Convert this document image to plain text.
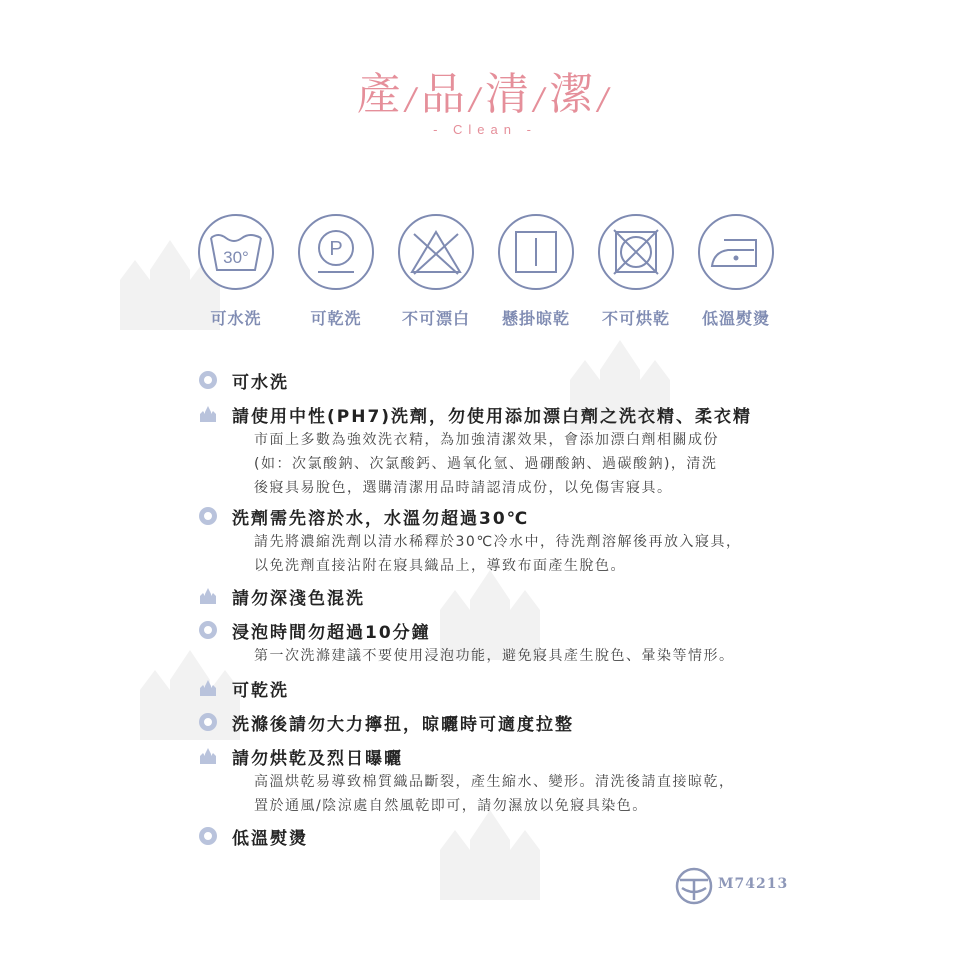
產 /品 /清 /潔 /
- Clean -
30°
可水洗
P
可乾洗	不可漂白	懸掛晾乾	不可烘乾	低溫熨燙
可水洗
請使用中性(PH7)洗劑，勿使用添加漂白劑之洗衣精、柔衣精
市面上多數為強效洗衣精，為加強清潔效果，會添加漂白劑相關成份
(如：次氯酸鈉、次氯酸鈣、過氧化氫、過硼酸鈉、過碳酸鈉)，清洗
後寢具易脫色，選購清潔用品時請認清成份，以免傷害寢具。
洗劑需先溶於水，水溫勿超過30℃
請先將濃縮洗劑以清水稀釋於30℃冷水中，待洗劑溶解後再放入寢具，
以免洗劑直接沾附在寢具織品上，導致布面產生脫色。
請勿深淺色混洗
浸泡時間勿超過10分鐘
第一次洗滌建議不要使用浸泡功能，避免寢具產生脫色、暈染等情形。
可乾洗
洗滌後請勿大力擰扭，晾曬時可適度拉整
請勿烘乾及烈日曝曬
高溫烘乾易導致棉質織品斷裂，產生縮水、變形。清洗後請直接晾乾，
置於通風/陰涼處自然風乾即可，請勿濕放以免寢具染色。
低溫熨燙
M74213
